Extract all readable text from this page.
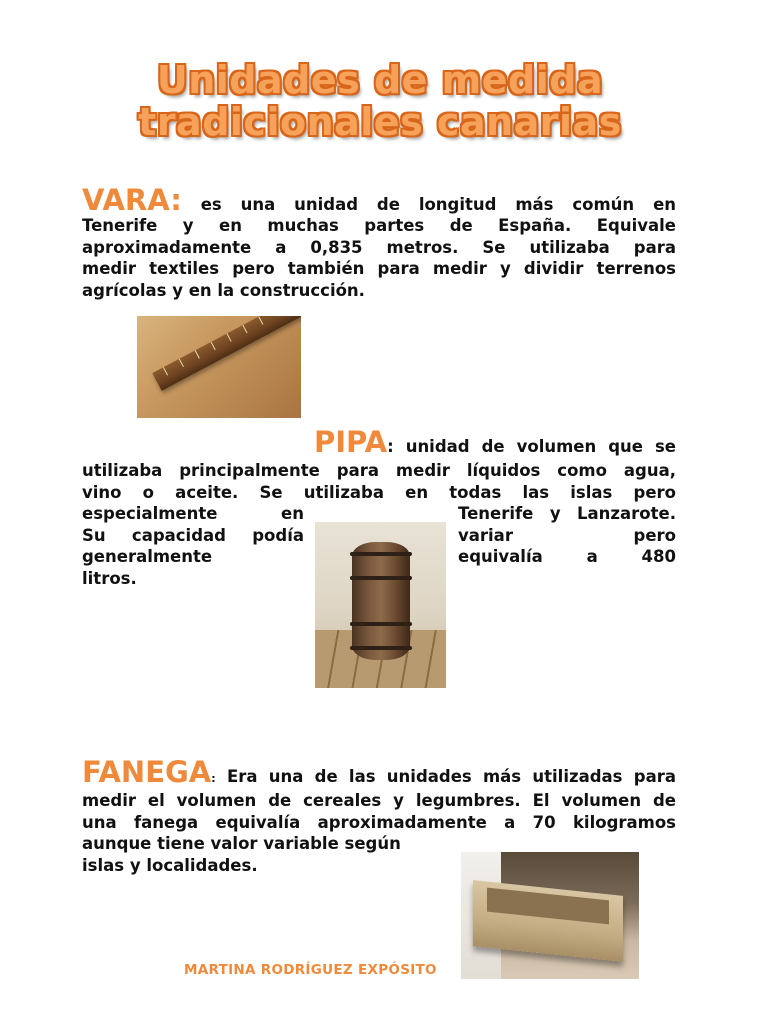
Unidades de medida
tradicionales canarias
VARA: es una unidad de longitud más común en
Tenerife y en muchas partes de España. Equivale
aproximadamente a 0,835 metros. Se utilizaba para
medir textiles pero también para medir y dividir terrenos
agrícolas y en la construcción.
PIPA: unidad de volumen que se
utilizaba principalmente para medir líquidos como agua,
vino o aceite. Se utilizaba en todas las islas pero
especialmente en
Su capacidad podía
generalmente
litros.
Tenerife y Lanzarote.
variar pero
equivalía a 480
FANEGA: Era una de las unidades más utilizadas para
medir el volumen de cereales y legumbres. El volumen de
una fanega equivalía aproximadamente a 70 kilogramos
aunque tiene valor variable según
islas y localidades.
MARTINA RODRÍGUEZ EXPÓSITO
